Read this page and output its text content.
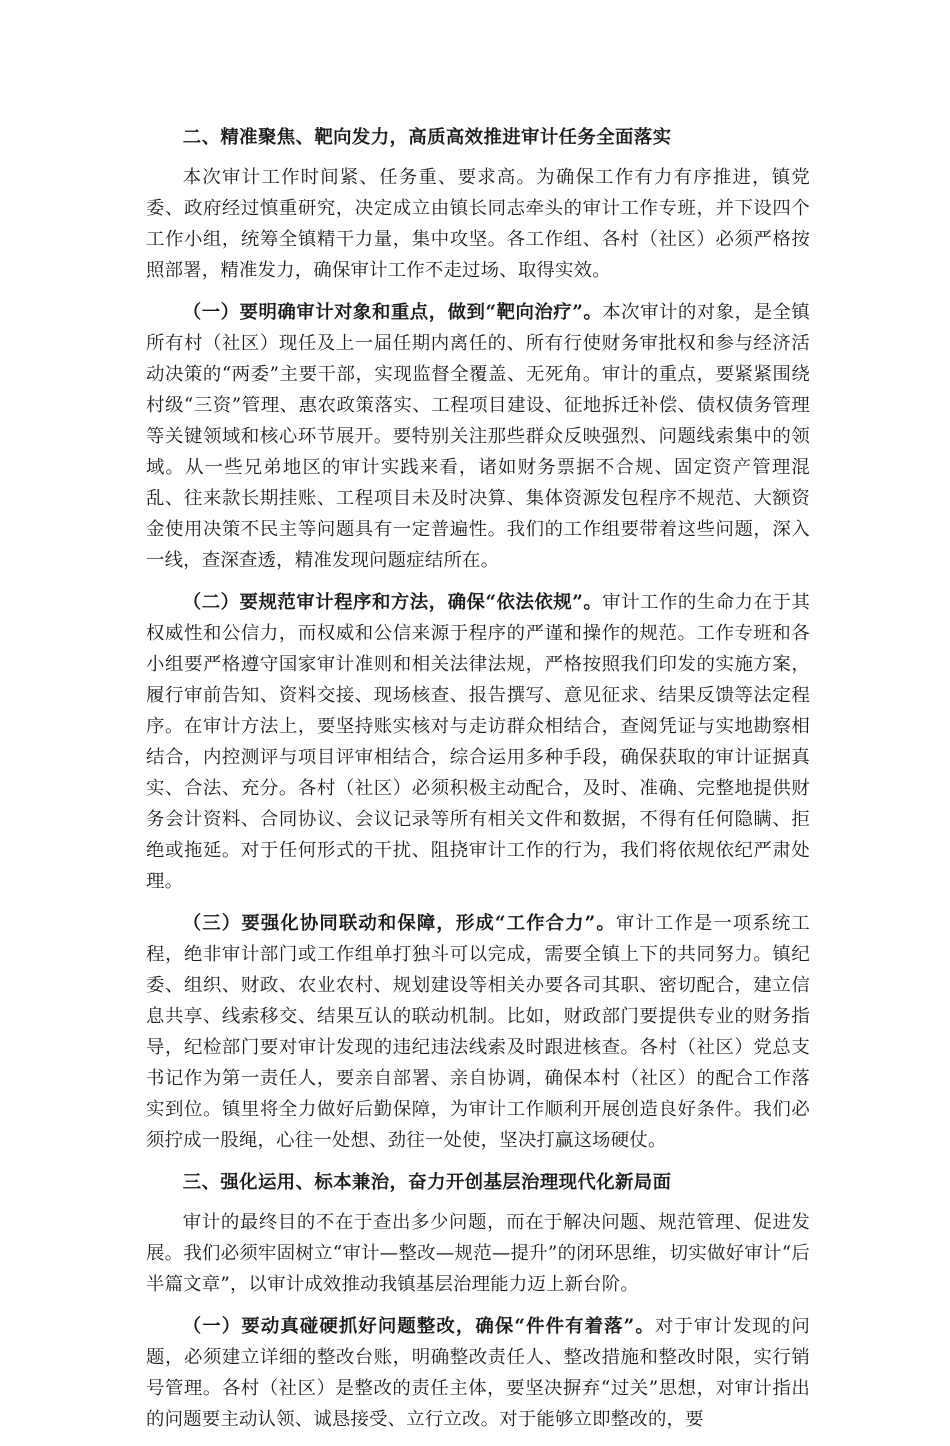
二、精准聚焦、靶向发力，高质高效推进审计任务全面落实

本次审计工作时间紧、任务重、要求高。为确保工作有力有序推进，镇党委、政府经过慎重研究，决定成立由镇长同志牵头的审计工作专班，并下设四个工作小组，统筹全镇精干力量，集中攻坚。各工作组、各村（社区）必须严格按照部署，精准发力，确保审计工作不走过场、取得实效。

（一）要明确审计对象和重点，做到“靶向治疗”。本次审计的对象，是全镇所有村（社区）现任及上一届任期内离任的、所有行使财务审批权和参与经济活动决策的“两委”主要干部，实现监督全覆盖、无死角。审计的重点，要紧紧围绕村级“三资”管理、惠农政策落实、工程项目建设、征地拆迁补偿、债权债务管理等关键领域和核心环节展开。要特别关注那些群众反映强烈、问题线索集中的领域。从一些兄弟地区的审计实践来看，诸如财务票据不合规、固定资产管理混乱、往来款长期挂账、工程项目未及时决算、集体资源发包程序不规范、大额资金使用决策不民主等问题具有一定普遍性。我们的工作组要带着这些问题，深入一线，查深查透，精准发现问题症结所在。

（二）要规范审计程序和方法，确保“依法依规”。审计工作的生命力在于其权威性和公信力，而权威和公信来源于程序的严谨和操作的规范。工作专班和各小组要严格遵守国家审计准则和相关法律法规，严格按照我们印发的实施方案，履行审前告知、资料交接、现场核查、报告撰写、意见征求、结果反馈等法定程序。在审计方法上，要坚持账实核对与走访群众相结合，查阅凭证与实地勘察相结合，内控测评与项目评审相结合，综合运用多种手段，确保获取的审计证据真实、合法、充分。各村（社区）必须积极主动配合，及时、准确、完整地提供财务会计资料、合同协议、会议记录等所有相关文件和数据，不得有任何隐瞒、拒绝或拖延。对于任何形式的干扰、阻挠审计工作的行为，我们将依规依纪严肃处理。

（三）要强化协同联动和保障，形成“工作合力”。审计工作是一项系统工程，绝非审计部门或工作组单打独斗可以完成，需要全镇上下的共同努力。镇纪委、组织、财政、农业农村、规划建设等相关办要各司其职、密切配合，建立信息共享、线索移交、结果互认的联动机制。比如，财政部门要提供专业的财务指导，纪检部门要对审计发现的违纪违法线索及时跟进核查。各村（社区）党总支书记作为第一责任人，要亲自部署、亲自协调，确保本村（社区）的配合工作落实到位。镇里将全力做好后勤保障，为审计工作顺利开展创造良好条件。我们必须拧成一股绳，心往一处想、劲往一处使，坚决打赢这场硬仗。

三、强化运用、标本兼治，奋力开创基层治理现代化新局面

审计的最终目的不在于查出多少问题，而在于解决问题、规范管理、促进发展。我们必须牢固树立“审计—整改—规范—提升”的闭环思维，切实做好审计“后半篇文章”，以审计成效推动我镇基层治理能力迈上新台阶。

（一）要动真碰硬抓好问题整改，确保“件件有着落”。对于审计发现的问题，必须建立详细的整改台账，明确整改责任人、整改措施和整改时限，实行销号管理。各村（社区）是整改的责任主体，要坚决摒弃“过关”思想，对审计指出的问题要主动认领、诚恳接受、立行立改。对于能够立即整改的，要
